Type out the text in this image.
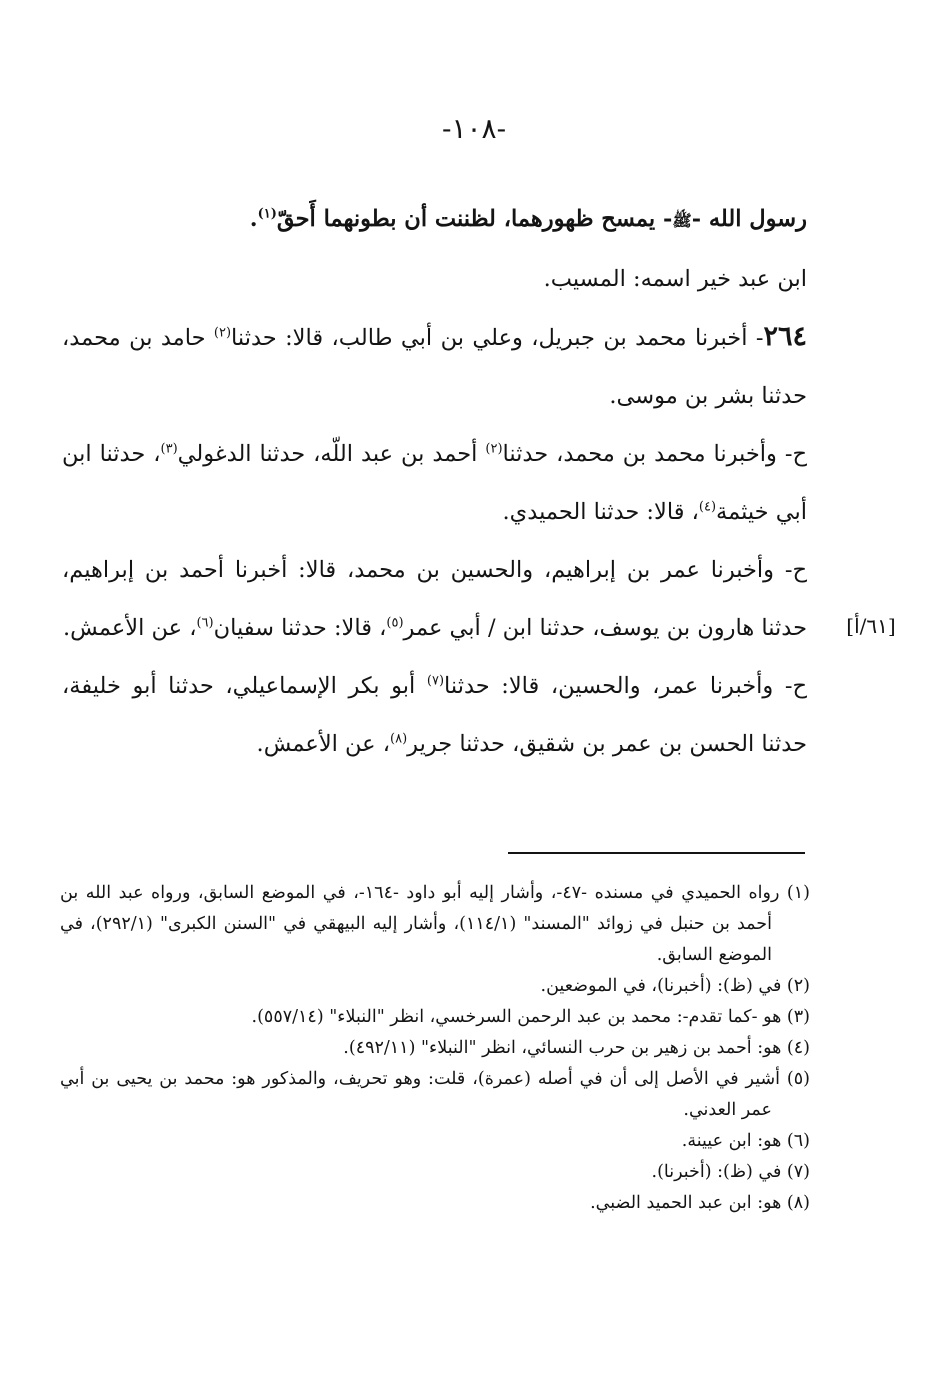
-١٠٨-

رسول الله -ﷺ- يمسح ظهورهما، لظننت أن بطونهما أَحقّ$^{(١)}$.

ابن عبد خير اسمه: المسيب.

٢٦٤- أخبرنا محمد بن جبريل، وعلي بن أبي طالب، قالا: حدثنا$^{(٢)}$ حامد بن محمد، حدثنا بشر بن موسى.

ح- وأخبرنا محمد بن محمد، حدثنا$^{(٢)}$ أحمد بن عبد اللّه، حدثنا الدغولي$^{(٣)}$، حدثنا ابن أبي خيثمة$^{(٤)}$، قالا: حدثنا الحميدي.

ح- وأخبرنا عمر بن إبراهيم، والحسين بن محمد، قالا: أخبرنا أحمد بن إبراهيم، حدثنا هارون بن يوسف، حدثنا ابن / أبي عمر$^{(٥)}$، قالا: حدثنا سفيان$^{(٦)}$، عن الأعمش.

ح- وأخبرنا عمر، والحسين، قالا: حدثنا$^{(٧)}$ أبو بكر الإسماعيلي، حدثنا أبو خليفة، حدثنا الحسن بن عمر بن شقيق، حدثنا جرير$^{(٨)}$، عن الأعمش.

[٦١/أ]

(١) رواه الحميدي في مسنده -٤٧-، وأشار إليه أبو داود -١٦٤-، في الموضع السابق، ورواه عبد الله بن أحمد بن حنبل في زوائد "المسند" (١١٤/١)، وأشار إليه البيهقي في "السنن الكبرى" (٢٩٢/١)، في الموضع السابق.

(٢) في (ظ): (أخبرنا)، في الموضعين.

(٣) هو -كما تقدم-: محمد بن عبد الرحمن السرخسي، انظر "النبلاء" (٥٥٧/١٤).

(٤) هو: أحمد بن زهير بن حرب النسائي، انظر "النبلاء" (٤٩٢/١١).

(٥) أشير في الأصل إلى أن في أصله (عمرة)، قلت: وهو تحريف، والمذكور هو: محمد بن يحيى بن أبي عمر العدني.

(٦) هو: ابن عيينة.

(٧) في (ظ): (أخبرنا).

(٨) هو: ابن عبد الحميد الضبي.
